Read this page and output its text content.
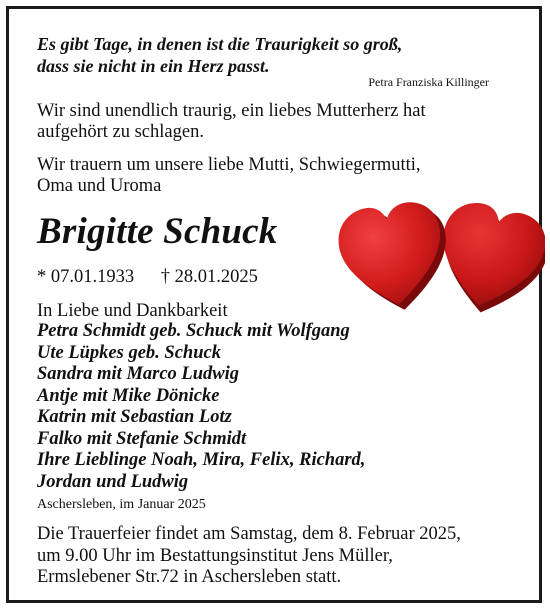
Es gibt Tage, in denen ist die Traurigkeit so groß,
dass sie nicht in ein Herz passt.

Petra Franziska Killinger

Wir sind unendlich traurig, ein liebes Mutterherz hat
aufgehört zu schlagen.

Wir trauern um unsere liebe Mutti, Schwiegermutti,
Oma und Uroma

Brigitte Schuck

* 07.01.1933 † 28.01.2025

In Liebe und Dankbarkeit

Petra Schmidt geb. Schuck mit Wolfgang
Ute Lüpkes geb. Schuck
Sandra mit Marco Ludwig
Antje mit Mike Dönicke
Katrin mit Sebastian Lotz
Falko mit Stefanie Schmidt
Ihre Lieblinge Noah, Mira, Felix, Richard,
Jordan und Ludwig

Aschersleben, im Januar 2025

Die Trauerfeier findet am Samstag, dem 8. Februar 2025,
um 9.00 Uhr im Bestattungsinstitut Jens Müller,
Ermslebener Str.72 in Aschersleben statt.
